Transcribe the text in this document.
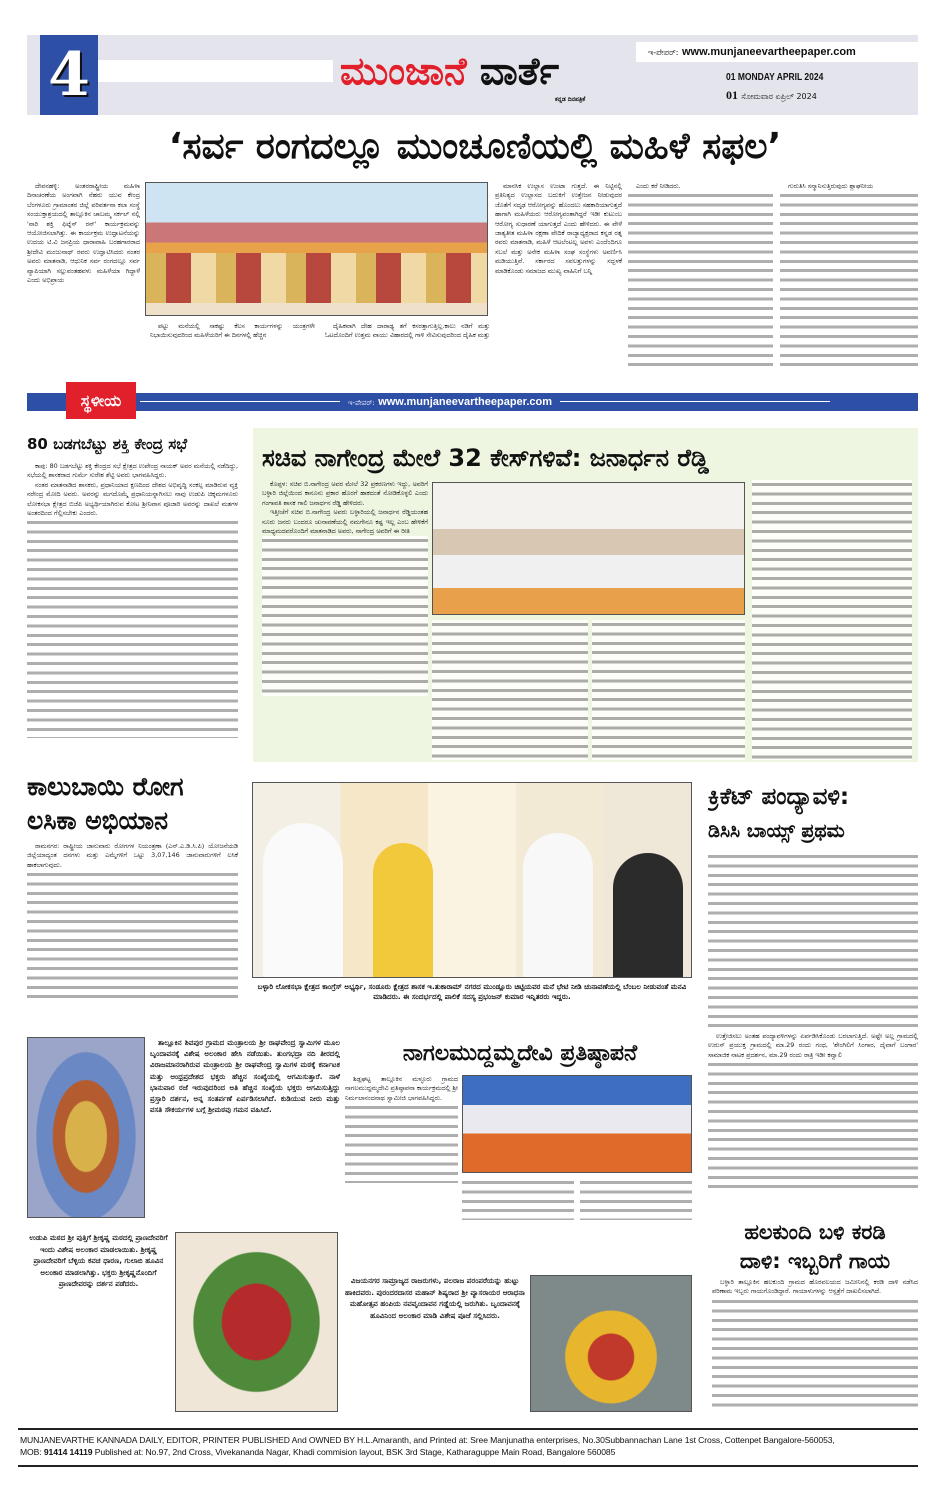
4	ಮುಂಜಾನೆ ವಾರ್ತೆ
ಕನ್ನಡ ದಿನಪತ್ರಿಕೆ
ಇ-ಪೇಪರ್: www.munjaneevartheepaper.com
01 MONDAY APRIL 2024
01 ಸೋಮವಾರ ಏಪ್ರಿಲ್ 2024
‘ಸರ್ವ ರಂಗದಲ್ಲೂ ಮುಂಚೂಣಿಯಲ್ಲಿ ಮಹಿಳೆ ಸಫಲ’

ದೇವನಹಳ್ಳಿ: ಅಂತರರಾಷ್ಟ್ರೀಯ ಮಹಿಳಾ ದಿನಾಚರಣೆಯ ಅಂಗವಾಗಿ ನೆಹರು ಯುವ ಕೇಂದ್ರ ಬೆಂಗಳೂರು ಗ್ರಾಮಾಂತರ ಜಿಲ್ಲೆ ಪರಿವರ್ತನಾ ಕಲಾ ಸಂಸ್ಥೆ ಸಂಯುಕ್ತಾಶ್ರಯದಲ್ಲಿ ತಾಲ್ಲೂಕಿನ ಚಾಬಮ್ಮ ಸರ್ಕಲ್ ನಲ್ಲಿ 'ನಾರಿ ಶಕ್ತಿ ಫಿಟ್ನೆಸ್ ರನ್' ಕಾರ್ಯಕ್ರಮವನ್ನು ಆಯೋಜಿಸಲಾಗಿತ್ತು. ಈ ಕಾರ್ಯಕ್ರಮ ಉದ್ಘಾಟನೆಯನ್ನು ಉದಯ ಟಿ.ವಿ ಜನಪ್ರಿಯ ಧಾರಾವಾಹಿ ಬರಹಗಾರರಾದ ಶ್ರೀದೇವಿ ಮಂಜುನಾಥ್ ರವರು ಉದ್ಘಾಟಿಸಿದರು ನಂತರ ಅವರು ಮಾತನಾಡಿ, ಆಧುನಿಕ ಸರ್ವ ರಂಗದಲ್ಲೂ ಸರ್ವ ವ್ಯಾಪಿಯಾಗಿ ಸಲ್ಲುವಂತಹವಳು ಮಹಿಳೆಯಾ ಗಿದ್ದಾಳೆ ಎಂದು ಅಭಿಪ್ರಾಯ

ಪಟ್ಟು ಮನೆಯಲ್ಲಿ ಸಾಕಷ್ಟು ಕೆಲಸ ಕಾರ್ಯಗಳನ್ನು ಯಂತ್ರಗಳೇ ನಿಭಾಯಿಸುವುದರಿಂದ ಮಹಿಳೆಯರಿಗೆ ಈ ದಿನಗಳಲ್ಲಿ ಹೆಚ್ಚಿನ

ದೈಹಿಕವಾಗಿ ದೇಹ ದಾರಾಢ್ಯ ತಗೆ ಕಸರತ್ತಾಗುತ್ತಿಲ್ಲ.ಕಾಲು ನಡಿಗೆ ಮತ್ತು ಓಟದೊಂದಿಗೆ ಉತ್ತಮ ವಾಯು ವಿಹಾರದಲ್ಲಿ ಗಾಳಿ ಸೇವಿಸುವುದರಿಂದ ದೈಹಿಕ ಮತ್ತು

ಮಾನಸಿಕ ಉಲ್ಲಾಸ ಉಂಟಾ ಗುತ್ತದೆ. ಈ ನಿಟ್ಟಿನಲ್ಲಿ ಪ್ರತಿನಿತ್ಯದ ಉಲ್ಲಾಸದ ಬದುಕಿಗೆ ಉತ್ತೇಜನ ನೀಡುವುದರ ಜೊತೆಗೆ ಸದೃಢ ಆರೋಗ್ಯವನ್ನು ಹೊಂದಲು ಸಹಕಾರಿಯಾಗುತ್ತದೆ ಹಾಗಾಗಿ ಮಹಿಳೆಯರು ಆರೋಗ್ಯವಂತಾಗಿದ್ದರೆ ಇಡೀ ಕುಟುಂಬ ಆರೋಗ್ಯ ಸುಧಾರಣೆ ಯಾಗುತ್ತದೆ ಎಂದು ಹೇಳಿದರು. ಈ ವೇಳೆ ಜಾತ್ಯತೀತ ಮಹಿಳಾ ರಕ್ಷಣಾ ವೇದಿಕೆ ರಾಜ್ಯಾಧ್ಯಕ್ಷರಾದ ಕನ್ನಡ ರತ್ನ ರವರು ಮಾತನಾಡಿ, ಮಹಿಳೆ ಆಟಲೆಂಟಲ್ಲ ಅವಳು ಎಂದೆಂದಿಗೂ ಸಬಲೆ ಮತ್ತು ಅನೇಕ ಮಹಿಳಾ ಸಂಘ ಸಂಸ್ಥೆಗಳು ಅವರ್ಣಿಸಿ ಮಡಿಯುತ್ತಿವೆ. ಸರ್ಕಾರದ ಸವಲತ್ತುಗಳನ್ನು ಸದ್ಬಳಕೆ ಮಾಡಿಕೊಂಡು ಸಮಾಜದ ಮುಖ್ಯ ವಾಹಿನಿಗೆ ಬನ್ನಿ

ಎಂದು ಕರೆ ನೀಡಿದರು.	ಗುರುತಿಸಿ ಸನ್ಮಾನಿಸುತ್ತಿರುವುದು ಶ್ಲಾಘನೀಯ

ಇ-ಪೇಪರ್: www.munjaneevartheepaper.com
ಸ್ಥಳೀಯ
80 ಬಡಗಬೆಟ್ಟು ಶಕ್ತಿ ಕೇಂದ್ರ ಸಭೆ

ಕಾಪು: 80 ಬಡಗಬೆಟ್ಟು ಶಕ್ತಿ ಕೇಂದ್ರದ ಸಭೆ ಕ್ಷೇತ್ರದ ಉಪೇಂದ್ರ ನಾಯಕ್ ಅವರ ಮನೆಯಲ್ಲಿ ನಡೆದಿದ್ದು, ಸಭೆಯಲ್ಲಿ ಶಾಸಕರಾದ ಗುರ್ಮೆ ಸುರೇಶ ಶೆಟ್ಟಿ ಅವರು ಭಾಗವಹಿಸಿದ್ದರು.

ನಂತರ ಮಾತನಾಡಿದ ಶಾಸಕರು, ಪ್ರಧಾನಿಯಾದ ಕ್ಷಣದಿಂದ ದೇಶದ ಅಭಿವೃದ್ಧಿ ಸಂಕಲ್ಪ ಮಾಡಿರುವ ವ್ಯಕ್ತಿ ನರೇಂದ್ರ ಮೋದಿ ಅವರು. ಅವರನ್ನು ಮಗದೊಮ್ಮೆ ಪ್ರಧಾನಿಯನ್ನಾಗಿಸಲು ನಾವು ಉಡುಪಿ ಚಿಕ್ಕಮಗಳೂರು ಲೋಕಸಭಾ ಕ್ಷೇತ್ರದ ಬಿಜೆಪಿ ಅಭ್ಯರ್ಥಿಯಾಗಿರುವ ಕೋಟ ಶ್ರೀನಿವಾಸ ಪೂಜಾರಿ ಅವರನ್ನು ದಾಖಲೆ ಮತಗಳ ಅಂತರದಿಂದ ಗೆಲ್ಲಿಸಬೇಕು ಎಂದರು.

ಸಚಿವ ನಾಗೇಂದ್ರ ಮೇಲೆ 32 ಕೇಸ್‌ಗಳಿವೆ: ಜನಾರ್ಧನ ರೆಡ್ಡಿ

ಕೊಪ್ಪಳ: ಸಚಿವ ಬಿ.ನಾಗೇಂದ್ರ ಅವರ ಮೇಲೆ 32 ಪ್ರಕರಣಗಳು ಇದ್ದು, ಅವರಿಗೆ ಬಳ್ಳಾರಿ ಜಿಲ್ಲೆಯಿಂದ ಕಾನೂನು ಪ್ರಕಾರ ಹೊರಗೆ ಹಾಕದಂತೆ ನೋಡಿಕೊಳ್ಳಲಿ ಎಂದು ಗಂಗಾವತಿ ಶಾಸಕ ಗಾಲಿ ಜನಾರ್ಧನ ರೆಡ್ಡಿ ಹೇಳಿದರು.

ಇತ್ತೀಚೆಗೆ ಸಚಿವ ಬಿ.ನಾಗೇಂದ್ರ ಅವರು ಬಳ್ಳಾರಿಯಲ್ಲಿ ಜನಾರ್ಧನ ರೆಡ್ಡಿಯಂತಹ ನೂರು ಜನರು ಬಂದರೂ ಚುನಾವಣೆಯಲ್ಲಿ ನಮಗೇನೂ ಕಷ್ಟ ಇಲ್ಲ ಎಂಬ ಹೇಳಿಕೆಗೆ ಮಾಧ್ಯಮದವರೊಂದಿಗೆ ಮಾತನಾಡಿದ ಅವರು, ನಾಗೇಂದ್ರ ಅವರಿಗೆ ಈ ರೀತಿ

ಕಾಲುಬಾಯಿ ರೋಗ
ಲಸಿಕಾ ಅಭಿಯಾನ

ರಾಮನಗರ: ರಾಷ್ಟ್ರೀಯ ಜಾನುವಾರು ರೋಗಗಳ ನಿಯಂತ್ರಣಾ (ಎನ್.ಎ.ಡಿ.ಸಿ.ಪಿ) ಯೋಜನೆಯಡಿ ಜಿಲ್ಲೆಯಾದ್ಯಂತ ದನಗಳು ಮತ್ತು ಎಮ್ಮೆಗಳಿಗೆ ಒಟ್ಟು 3,07,146 ಜಾನುವಾರುಗಳಿಗೆ ಲಸಿಕೆ ಹಾಕಲಾಗುವುದು.

ಬಳ್ಳಾರಿ ಲೋಕಸಭಾ ಕ್ಷೇತ್ರದ ಕಾಂಗ್ರೆಸ್ ಅಭ್ಯರ್ಥಿ, ಸಂಡೂರು ಕ್ಷೇತ್ರದ ಶಾಸಕ ಇ.ತುಕಾರಾಮ್ ನಗರದ ಮುಂಡ್ಲೂರು ಚಿಟ್ಟಿಯವರ ಮನೆ ಭೇಟಿ ನೀಡಿ ಚುನಾವಣೆಯಲ್ಲಿ ಬೆಂಬಲ ನೀಡುವಂತೆ ಮನವಿ ಮಾಡಿದರು. ಈ ಸಂದರ್ಭದಲ್ಲಿ ಪಾಲಿಕೆ ಸದಸ್ಯ ಪ್ರಭಂಜನ್ ಕುಮಾರ ಇನ್ನಿತರರು ಇದ್ದರು.
ಕ್ರಿಕೆಟ್ ಪಂದ್ಯಾವಳಿ:
ಡಿಸಿಸಿ ಬಾಯ್ಸ್ ಪ್ರಥಮ

ಉತ್ತೇಜಿಸಲು ಅಂತಹ ಪಂದ್ಯಾವಳಿಗಳನ್ನು ಏರ್ಪಡಿಸಿಕೊಂಡು ಬರಲಾಗುತ್ತಿದೆ. ಅಷ್ಟೇ ಅಲ್ಲ ಗ್ರಾಮದಲ್ಲಿ ಉರುಸ್ ಪ್ರಯುಕ್ತ ಗ್ರಾಮದಲ್ಲಿ ಮಾ.29 ರಂದು ಗಂಧ, 'ಶೇಂಗಿಲಿಗೆ ಸಿಂಗಾರ, ದೈವಾಗೆ ಬಂಗಾರ' ಸಾಮಾಜಿಕ ನಾಟಕ ಪ್ರದರ್ಶನ, ಮಾ.29 ರಂದು ರಾತ್ರಿ ಇಡೀ ಕವ್ವಾಲಿ

ತಾಲ್ಲೂಕಿನ ಶಿವಪುರ ಗ್ರಾಮದ ಮಂತ್ರಾಲಯ ಶ್ರೀ ರಾಘವೇಂದ್ರ ಸ್ವಾಮಿಗಳ ಮೂಲ ಬೃಂದಾವನಕ್ಕೆ ವಿಶೇಷ ಅಲಂಕಾರ ಹೇಸಿ ನಡೆಯಿತು. ತುಂಗಭದ್ರಾ ನದಿ ತೀರದಲ್ಲಿ ವಿರಾಜಮಾನರಾಗಿರುವ ಮಂತ್ರಾಲಯ ಶ್ರೀ ರಾಘವೇಂದ್ರ ಸ್ವಾಮಿಗಳ ಮಠಕ್ಕೆ ಕರ್ನಾಟಕ ಮತ್ತು ಆಂಧ್ರಪ್ರದೇಶದ ಭಕ್ತರು ಹೆಚ್ಚಿನ ಸಂಖ್ಯೆಯಲ್ಲಿ ಆಗಮಿಸುತ್ತಾರೆ. ನಾಳೆ ಭಾನುವಾರ ರಜೆ ಇರುವುದರಿಂದ ಅತಿ ಹೆಚ್ಚಿನ ಸಂಖ್ಯೆಯ ಭಕ್ತರು ಆಗಮಿಸುತ್ತಿದ್ದು ಪ್ರಸ್ತಾರಿ ದರ್ಶನ, ಅನ್ನ ಸಂತರ್ಪಣೆ ಏರ್ಪಡಿಸಲಾಗಿದೆ. ಕುಡಿಯುವ ನೀರು ಮತ್ತು ವಸತಿ ಸೌಕರ್ಯಗಳ ಬಗ್ಗೆ ಶ್ರೀಮಠವು ಗಮನ ವಹಿಸಿದೆ.

ನಾಗಲಮುದ್ದಮ್ಮದೇವಿ ಪ್ರತಿಷ್ಠಾಪನೆ

ಶಿಡ್ಲಘಟ್ಟ ತಾಲ್ಲೂಕಿನ ಮಳ್ಳೂರು ಗ್ರಾಮದ ನಾಗಲಮುದ್ದಮ್ಮದೇವಿ ಪ್ರತಿಷ್ಠಾಪನಾ ಕಾರ್ಯಕ್ರಮದಲ್ಲಿ ಶ್ರೀ ನಿರ್ಮಲಾನಂದನಾಥ ಸ್ವಾಮೀಜಿ ಭಾಗವಹಿಸಿದ್ದರು.

ಉಡುಪಿ ಮಠದ ಶ್ರೀ ಪುತ್ತಿಗೆ ಶ್ರೀಕೃಷ್ಣ ಮಠದಲ್ಲಿ ಪ್ರಾಣದೇವರಿಗೆ ಇಂದು ವಿಶೇಷ ಅಲಂಕಾರ ಮಾಡಲಾಯಿತು. ಶ್ರೀಕೃಷ್ಣ ಪ್ರಾಣದೇವರಿಗೆ ಬೆಳ್ಳಿಯ ಕವಚ ಧಾರಣ, ಗುಲಾಬಿ ಹೂವಿನ ಅಲಂಕಾರ ಮಾಡಲಾಗಿತ್ತು. ಭಕ್ತರು ಶ್ರೀಕೃಷ್ಣನೊಂದಿಗೆ ಪ್ರಾಣದೇವರನ್ನು ದರ್ಶನ ಪಡೆದರು.	ವಿಜಯನಗರ ಸಾಮ್ರಾಜ್ಯದ ರಾಜರುಗಳು, ಪಲರಾಜ ಪರಂಪರೆಯನ್ನು ಹುಟ್ಟು ಹಾಕಿದವರು. ಪುರಂದರದಾಸರ ಮಹಾನ್ ಶಿಷ್ಯರಾದ ಶ್ರೀ ವ್ಯಾಸರಾಯರ ಆರಾಧನಾ ಮಹೋತ್ಸವ ಹಂಪಿಯ ನವವೃಂದಾವನ ಗಡ್ಡೆಯಲ್ಲಿ ಜರುಗಿತು. ಬೃಂದಾವನಕ್ಕೆ ಹೂವಿನಿಂದ ಅಲಂಕಾರ ಮಾಡಿ ವಿಶೇಷ ಪೂಜೆ ಸಲ್ಲಿಸಿದರು.

ಹಲಕುಂದಿ ಬಳಿ ಕರಡಿ
ದಾಳಿ: ಇಬ್ಬರಿಗೆ ಗಾಯ

ಬಳ್ಳಾರಿ ತಾಲ್ಲೂಕಿನ ಹಲಕುಂದಿ ಗ್ರಾಮದ ಹೊರವಲಯದ ಜಮೀನಿನಲ್ಲಿ ಕರಡಿ ದಾಳಿ ನಡೆಸಿದ ಪರಿಣಾಮ ಇಬ್ಬರು ಗಾಯಗೊಂಡಿದ್ದಾರೆ. ಗಾಯಾಳುಗಳನ್ನು ಆಸ್ಪತ್ರೆಗೆ ದಾಖಲಿಸಲಾಗಿದೆ.

MUNJANEVARTHE KANNADA DAILY, EDITOR, PRINTER PUBLISHED And OWNED BY H.L.Amaranth, and Printed at: Sree Manjunatha enterprises, No.30Subbannachan Lane 1st Cross, Cottenpet Bangalore-560053,
MOB: 91414 14119 Published at: No.97, 2nd Cross, Vivekananda Nagar, Khadi commision layout, BSK 3rd Stage, Katharaguppe Main Road, Bangalore 560085
